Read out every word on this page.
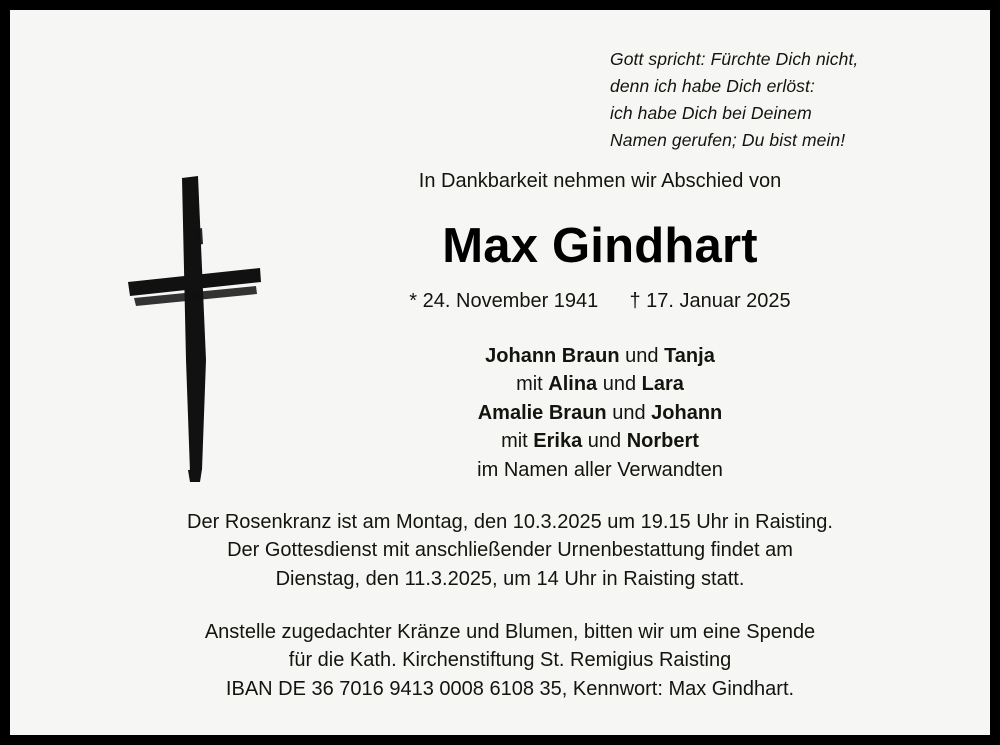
Gott spricht: Fürchte Dich nicht,
denn ich habe Dich erlöst:
ich habe Dich bei Deinem
Namen gerufen; Du bist mein!
In Dankbarkeit nehmen wir Abschied von
Max Gindhart
* 24. November 1941 † 17. Januar 2025
Johann Braun und Tanja
mit Alina und Lara
Amalie Braun und Johann
mit Erika und Norbert
im Namen aller Verwandten
Der Rosenkranz ist am Montag, den 10.3.2025 um 19.15 Uhr in Raisting.
Der Gottesdienst mit anschließender Urnenbestattung findet am
Dienstag, den 11.3.2025, um 14 Uhr in Raisting statt.
Anstelle zugedachter Kränze und Blumen, bitten wir um eine Spende
für die Kath. Kirchenstiftung St. Remigius Raisting
IBAN DE 36 7016 9413 0008 6108 35, Kennwort: Max Gindhart.
